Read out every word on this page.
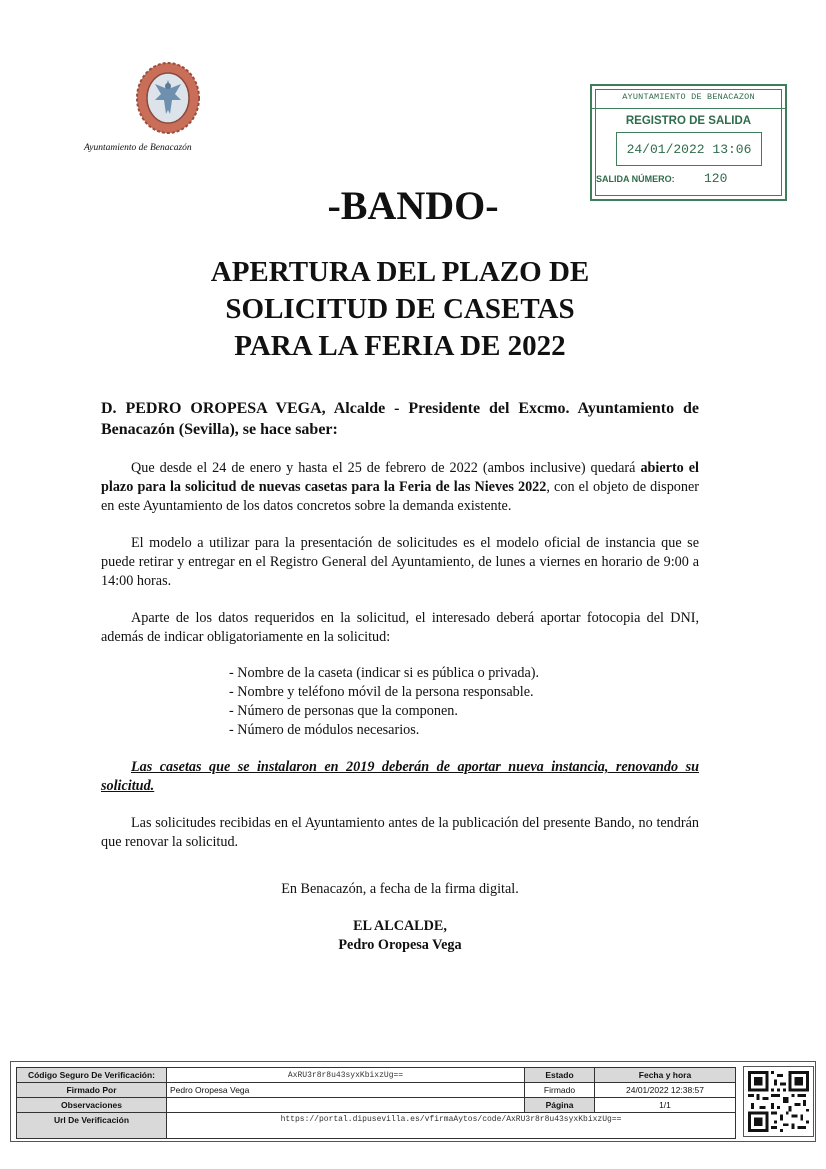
Ayuntamiento de Benacazón
AYUNTAMIENTO DE BENACAZON
REGISTRO DE SALIDA
24/01/2022 13:06
SALIDA NÚMERO: 120
-BANDO-
APERTURA DEL PLAZO DE
SOLICITUD DE CASETAS
PARA LA FERIA DE 2022

D. PEDRO OROPESA VEGA, Alcalde - Presidente del Excmo. Ayuntamiento de Benacazón (Sevilla), se hace saber:

Que desde el 24 de enero y hasta el 25 de febrero de 2022 (ambos inclusive) quedará abierto el plazo para la solicitud de nuevas casetas para la Feria de las Nieves 2022, con el objeto de disponer en este Ayuntamiento de los datos concretos sobre la demanda existente.

El modelo a utilizar para la presentación de solicitudes es el modelo oficial de instancia que se puede retirar y entregar en el Registro General del Ayuntamiento, de lunes a viernes en horario de 9:00 a 14:00 horas.

Aparte de los datos requeridos en la solicitud, el interesado deberá aportar fotocopia del DNI, además de indicar obligatoriamente en la solicitud:

- Nombre de la caseta (indicar si es pública o privada).
- Nombre y teléfono móvil de la persona responsable.
- Número de personas que la componen.
- Número de módulos necesarios.

Las casetas que se instalaron en 2019 deberán de aportar nueva instancia, renovando su solicitud.

Las solicitudes recibidas en el Ayuntamiento antes de la publicación del presente Bando, no tendrán que renovar la solicitud.

En Benacazón, a fecha de la firma digital.

EL ALCALDE,
Pedro Oropesa Vega
Código Seguro De Verificación:	AxRU3r8r8u43syxKbixzUg==	Estado	Fecha y hora
Firmado Por	Pedro Oropesa Vega	Firmado	24/01/2022 12:38:57
Observaciones		Página	1/1
Url De Verificación	https://portal.dipusevilla.es/vfirmaAytos/code/AxRU3r8r8u43syxKbixzUg==		
